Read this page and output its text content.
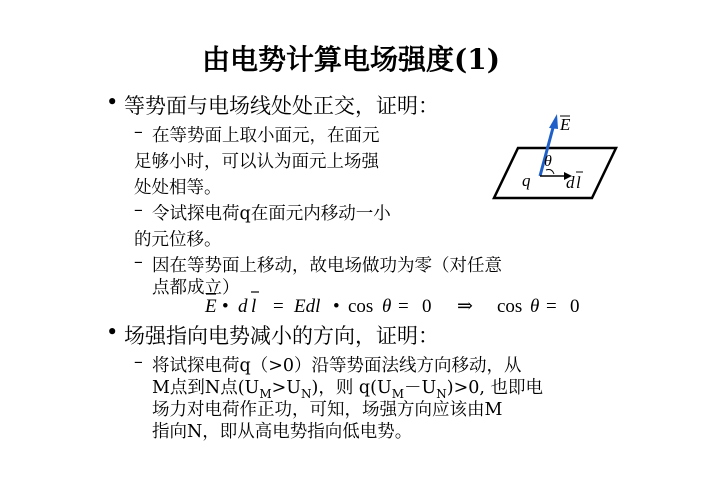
由电势计算电场强度(1)
• 等势面与电场线处处正交，证明：
– 在等势面上取小面元，在面元
足够小时，可以认为面元上场强
处处相等。
– 令试探电荷q在面元内移动一小
的元位移。
– 因在等势面上移动，故电场做功为零（对任意
点都成立）
E • d l = Edl • cos θ = 0 ⇒ cos θ = 0
• 场强指向电势减小的方向，证明：
– 将试探电荷q（>0）沿等势面法线方向移动，从
M点到N点$(U_M>U_N)$，则 $q(U_M-U_N)>0$, 也即电
场力对电荷作正功，可知，场强方向应该由M
指向N，即从高电势指向低电势。
E
θ
q d l
